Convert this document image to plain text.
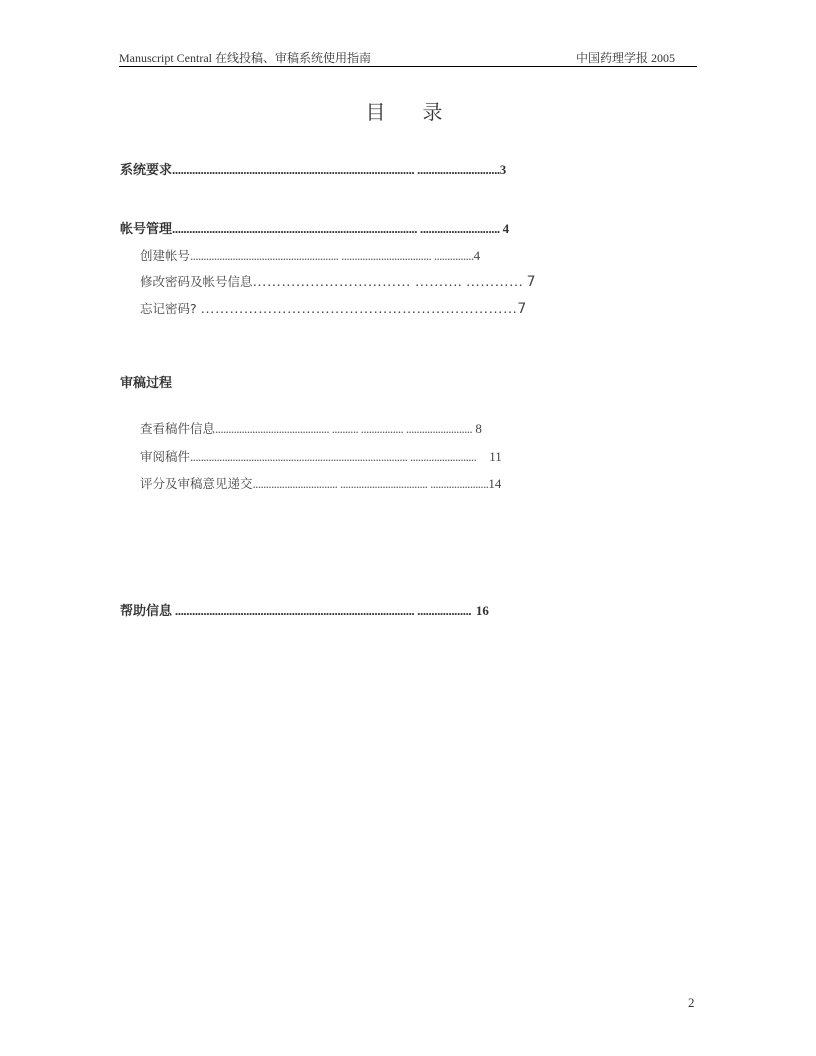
Manuscript Central 在线投稿、审稿系统使用指南	中国药理学报 2005
目 录
系统要求..................................................................................... .............................3
帐号管理...................................................................................... ............................ 4
创建帐号........................................................ .................................. ...............4
修改密码及帐号信息…………………………… ………. ………… 7
忘记密码? …………………………………………………………7
审稿过程
查看稿件信息........................................... .......... ................ ......................... 8
审阅稿件.................................................................................. ......................... 11
评分及审稿意见递交................................ ................................. ......................14
帮助信息 .................................................................................... ................... 16
2
